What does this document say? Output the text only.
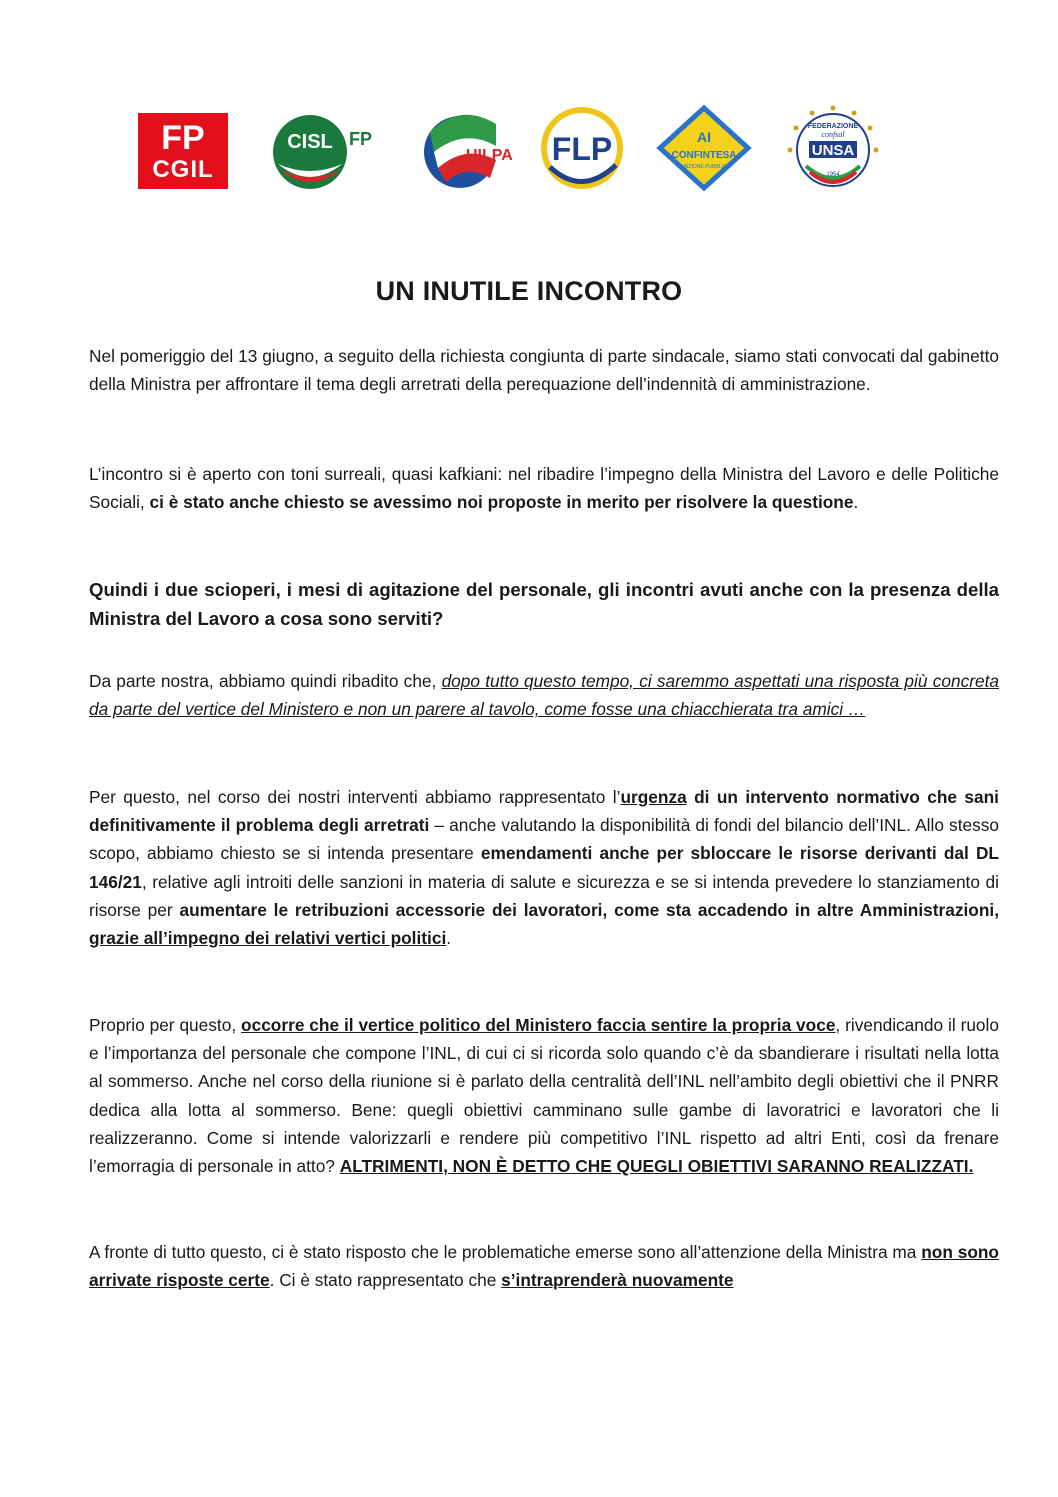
FP
CGIL
CISL FP
UILPA FLP	AI
CONFINTESA
FUNZIONE PUBBLICA
FEDERAZIONE
confsal
UNSA
1954
UN INUTILE INCONTRO

Nel pomeriggio del 13 giugno, a seguito della richiesta congiunta di parte sindacale, siamo stati convocati dal gabinetto della Ministra per affrontare il tema degli arretrati della perequazione dell’indennità di amministrazione.

L’incontro si è aperto con toni surreali, quasi kafkiani: nel ribadire l’impegno della Ministra del Lavoro e delle Politiche Sociali, ci è stato anche chiesto se avessimo noi proposte in merito per risolvere la questione.

Quindi i due scioperi, i mesi di agitazione del personale, gli incontri avuti anche con la presenza della Ministra del Lavoro a cosa sono serviti?

Da parte nostra, abbiamo quindi ribadito che, dopo tutto questo tempo, ci saremmo aspettati una risposta più concreta da parte del vertice del Ministero e non un parere al tavolo, come fosse una chiacchierata tra amici …

Per questo, nel corso dei nostri interventi abbiamo rappresentato l’urgenza di un intervento normativo che sani definitivamente il problema degli arretrati – anche valutando la disponibilità di fondi del bilancio dell’INL. Allo stesso scopo, abbiamo chiesto se si intenda presentare emendamenti anche per sbloccare le risorse derivanti dal DL 146/21, relative agli introiti delle sanzioni in materia di salute e sicurezza e se si intenda prevedere lo stanziamento di risorse per aumentare le retribuzioni accessorie dei lavoratori, come sta accadendo in altre Amministrazioni, grazie all’impegno dei relativi vertici politici.

Proprio per questo, occorre che il vertice politico del Ministero faccia sentire la propria voce, rivendicando il ruolo e l’importanza del personale che compone l’INL, di cui ci si ricorda solo quando c’è da sbandierare i risultati nella lotta al sommerso. Anche nel corso della riunione si è parlato della centralità dell’INL nell’ambito degli obiettivi che il PNRR dedica alla lotta al sommerso. Bene: quegli obiettivi camminano sulle gambe di lavoratrici e lavoratori che li realizzeranno. Come si intende valorizzarli e rendere più competitivo l’INL rispetto ad altri Enti, così da frenare l’emorragia di personale in atto? ALTRIMENTI, NON È DETTO CHE QUEGLI OBIETTIVI SARANNO REALIZZATI.

A fronte di tutto questo, ci è stato risposto che le problematiche emerse sono all’attenzione della Ministra ma non sono arrivate risposte certe. Ci è stato rappresentato che s’intraprenderà nuovamente
